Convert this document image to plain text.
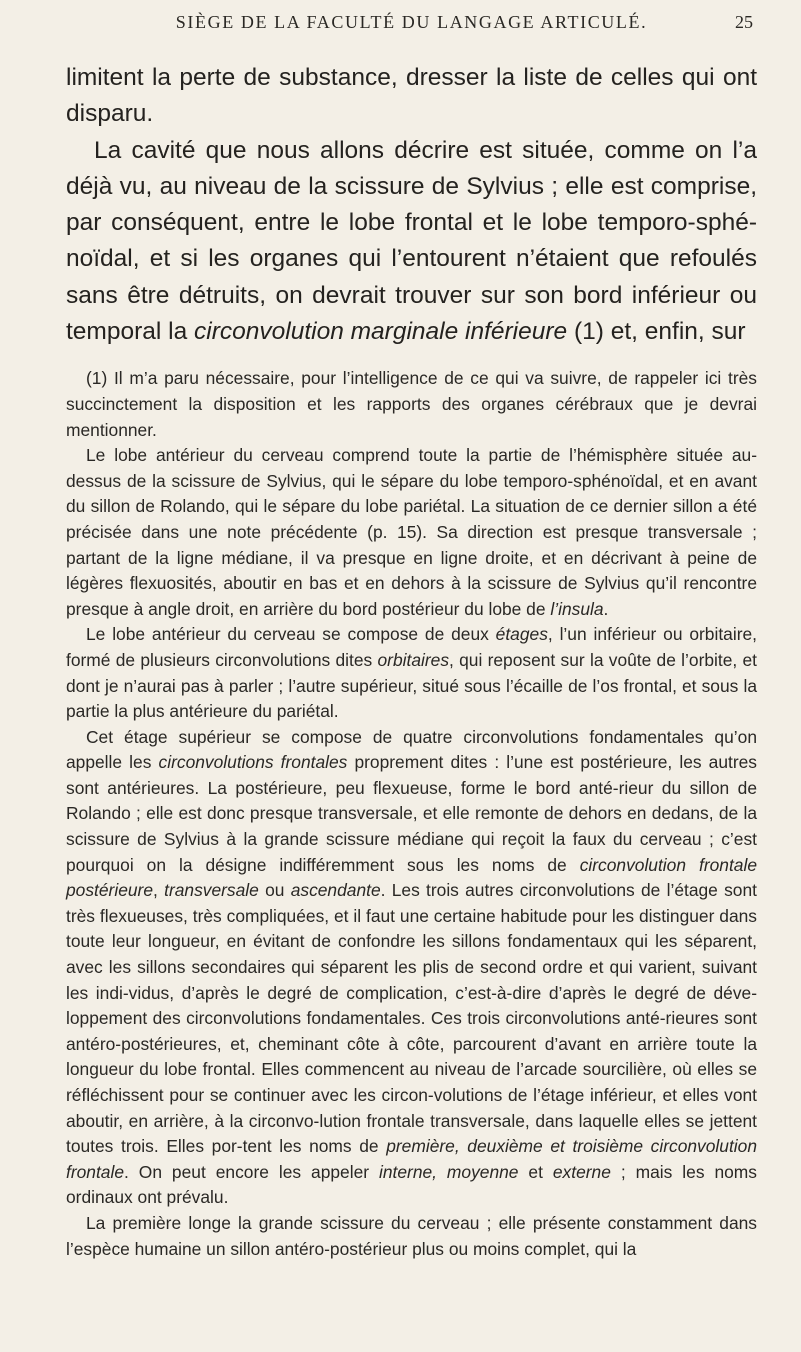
SIÈGE DE LA FACULTÉ DU LANGAGE ARTICULÉ.	25

limitent la perte de substance, dresser la liste de celles qui ont disparu.

La cavité que nous allons décrire est située, comme on l’a déjà vu, au niveau de la scissure de Sylvius ; elle est comprise, par conséquent, entre le lobe frontal et le lobe temporo-sphé-noïdal, et si les organes qui l’entourent n’étaient que refoulés sans être détruits, on devrait trouver sur son bord inférieur ou temporal la circonvolution marginale inférieure (1) et, enfin, sur

(1) Il m’a paru nécessaire, pour l’intelligence de ce qui va suivre, de rappeler ici très succinctement la disposition et les rapports des organes cérébraux que je devrai mentionner.

Le lobe antérieur du cerveau comprend toute la partie de l’hémisphère située au-dessus de la scissure de Sylvius, qui le sépare du lobe temporo-sphénoïdal, et en avant du sillon de Rolando, qui le sépare du lobe pariétal. La situation de ce dernier sillon a été précisée dans une note précédente (p. 15). Sa direction est presque transversale ; partant de la ligne médiane, il va presque en ligne droite, et en décrivant à peine de légères flexuosités, aboutir en bas et en dehors à la scissure de Sylvius qu’il rencontre presque à angle droit, en arrière du bord postérieur du lobe de l’insula.

Le lobe antérieur du cerveau se compose de deux étages, l’un inférieur ou orbitaire, formé de plusieurs circonvolutions dites orbitaires, qui reposent sur la voûte de l’orbite, et dont je n’aurai pas à parler ; l’autre supérieur, situé sous l’écaille de l’os frontal, et sous la partie la plus antérieure du pariétal.

Cet étage supérieur se compose de quatre circonvolutions fondamentales qu’on appelle les circonvolutions frontales proprement dites : l’une est postérieure, les autres sont antérieures. La postérieure, peu flexueuse, forme le bord anté-rieur du sillon de Rolando ; elle est donc presque transversale, et elle remonte de dehors en dedans, de la scissure de Sylvius à la grande scissure médiane qui reçoit la faux du cerveau ; c’est pourquoi on la désigne indifféremment sous les noms de circonvolution frontale postérieure, transversale ou ascendante. Les trois autres circonvolutions de l’étage sont très flexueuses, très compliquées, et il faut une certaine habitude pour les distinguer dans toute leur longueur, en évitant de confondre les sillons fondamentaux qui les séparent, avec les sillons secondaires qui séparent les plis de second ordre et qui varient, suivant les indi-vidus, d’après le degré de complication, c’est-à-dire d’après le degré de déve-loppement des circonvolutions fondamentales. Ces trois circonvolutions anté-rieures sont antéro-postérieures, et, cheminant côte à côte, parcourent d’avant en arrière toute la longueur du lobe frontal. Elles commencent au niveau de l’arcade sourcilière, où elles se réfléchissent pour se continuer avec les circon-volutions de l’étage inférieur, et elles vont aboutir, en arrière, à la circonvo-lution frontale transversale, dans laquelle elles se jettent toutes trois. Elles por-tent les noms de première, deuxième et troisième circonvolution frontale. On peut encore les appeler interne, moyenne et externe ; mais les noms ordinaux ont prévalu.

La première longe la grande scissure du cerveau ; elle présente constamment dans l’espèce humaine un sillon antéro-postérieur plus ou moins complet, qui la
